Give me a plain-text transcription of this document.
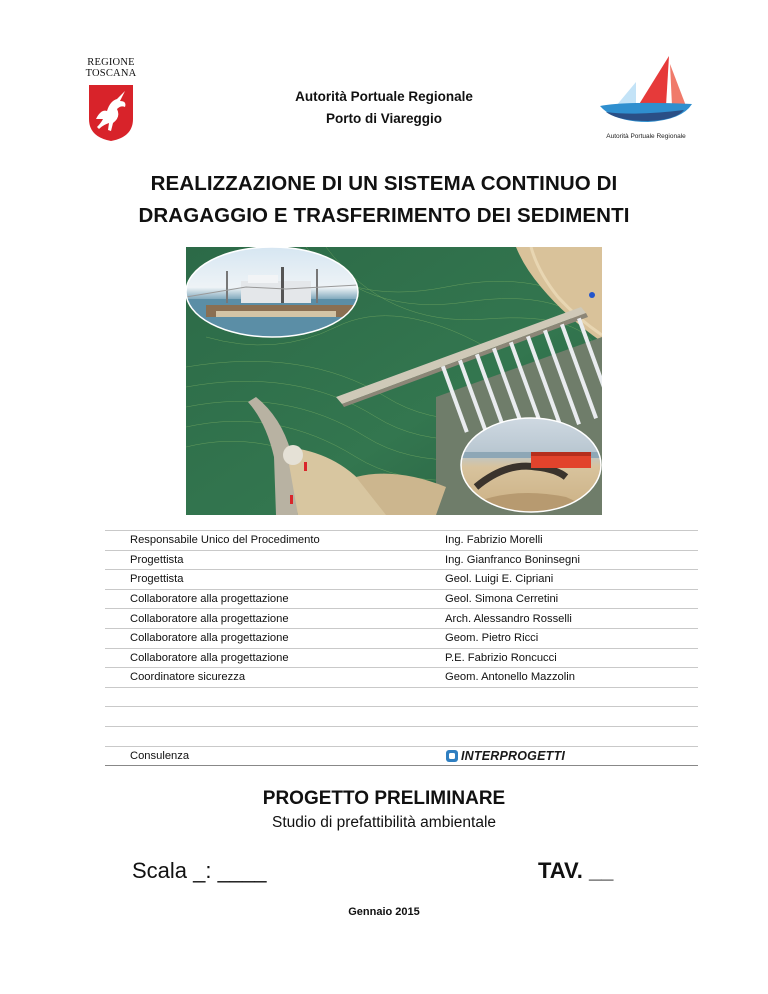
REGIONE
TOSCANA
Autorità Portuale Regionale
Porto di Viareggio
Autorità Portuale Regionale
REALIZZAZIONE DI UN SISTEMA CONTINUO DI
DRAGAGGIO E TRASFERIMENTO DEI SEDIMENTI
Responsabile Unico del Procedimento	Ing. Fabrizio Morelli
Progettista	Ing. Gianfranco Boninsegni
Progettista	Geol. Luigi E. Cipriani
Collaboratore alla progettazione	Geol. Simona Cerretini
Collaboratore alla progettazione	Arch. Alessandro Rosselli
Collaboratore alla progettazione	Geom. Pietro Ricci
Collaboratore alla progettazione	P.E. Fabrizio Roncucci
Coordinatore sicurezza	Geom. Antonello Mazzolin

Consulenza	INTERPROGETTI
PROGETTO PRELIMINARE
Studio di prefattibilità ambientale
Scala _: ____	TAV. __
Gennaio 2015
